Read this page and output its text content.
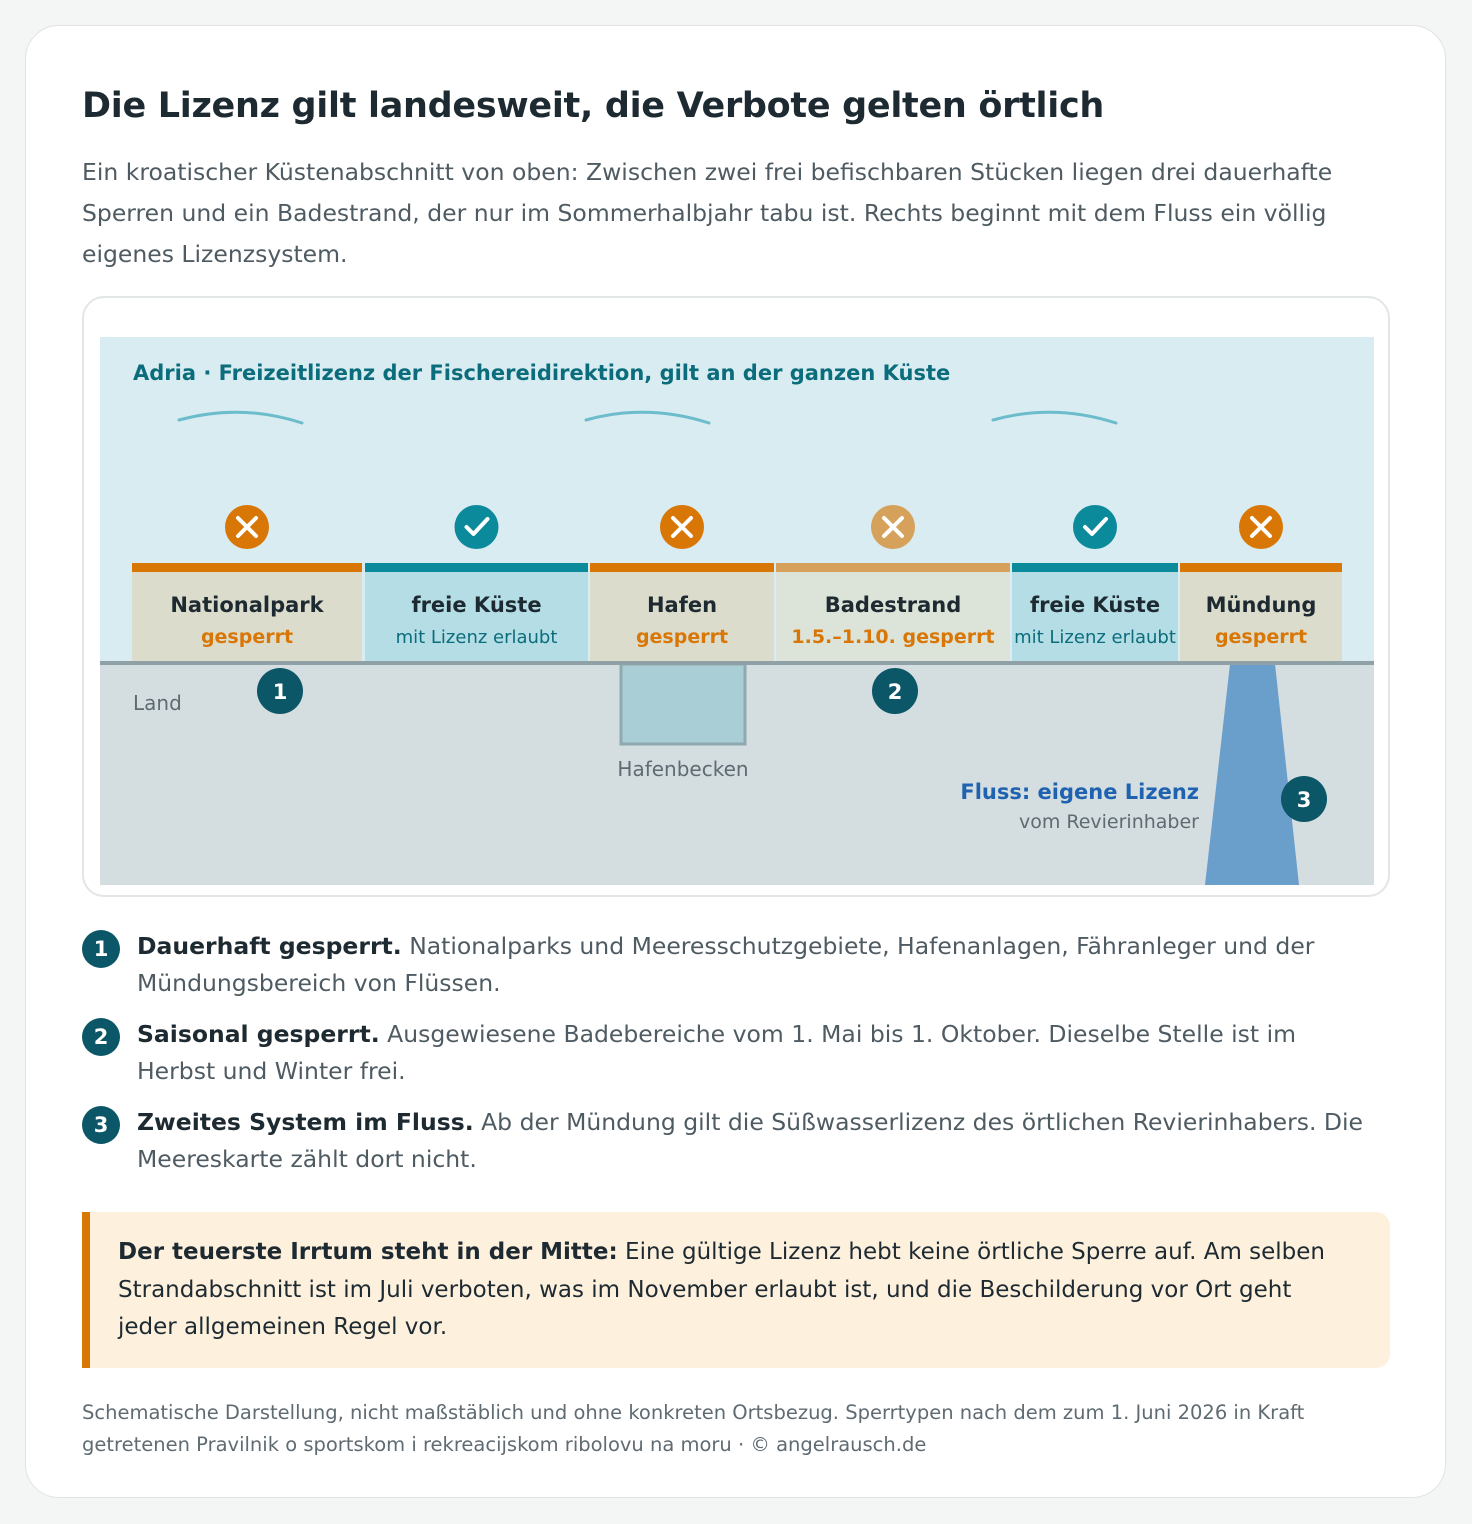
Die Lizenz gilt landesweit, die Verbote gelten örtlich

Ein kroatischer Küstenabschnitt von oben: Zwischen zwei frei befischbaren Stücken liegen drei dauerhafte Sperren und ein Badestrand, der nur im Sommerhalbjahr tabu ist. Rechts beginnt mit dem Fluss ein völlig eigenes Lizenzsystem.

Adria · Freizeitlizenz der Fischereidirektion, gilt an der ganzen Küste
Hafenbecken
Nationalpark
gesperrt
freie Küste
mit Lizenz erlaubt
Hafen
gesperrt
Badestrand
1.5.–1.10. gesperrt
freie Küste
mit Lizenz erlaubt
Mündung
gesperrt
Land	1	2
3
Fluss: eigene Lizenz
vom Revierinhaber
1	Dauerhaft gesperrt. Nationalparks und Meeresschutzgebiete, Hafenanlagen, Fähranleger und der Mündungsbereich von Flüssen.
2	Saisonal gesperrt. Ausgewiesene Badebereiche vom 1. Mai bis 1. Oktober. Dieselbe Stelle ist im Herbst und Winter frei.
3	Zweites System im Fluss. Ab der Mündung gilt die Süßwasserlizenz des örtlichen Revierinhabers. Die Meereskarte zählt dort nicht.
Der teuerste Irrtum steht in der Mitte: Eine gültige Lizenz hebt keine örtliche Sperre auf. Am selben Strandabschnitt ist im Juli verboten, was im November erlaubt ist, und die Beschilderung vor Ort geht jeder allgemeinen Regel vor.

Schematische Darstellung, nicht maßstäblich und ohne konkreten Ortsbezug. Sperrtypen nach dem zum 1. Juni 2026 in Kraft getretenen Pravilnik o sportskom i rekreacijskom ribolovu na moru · © angelrausch.de
